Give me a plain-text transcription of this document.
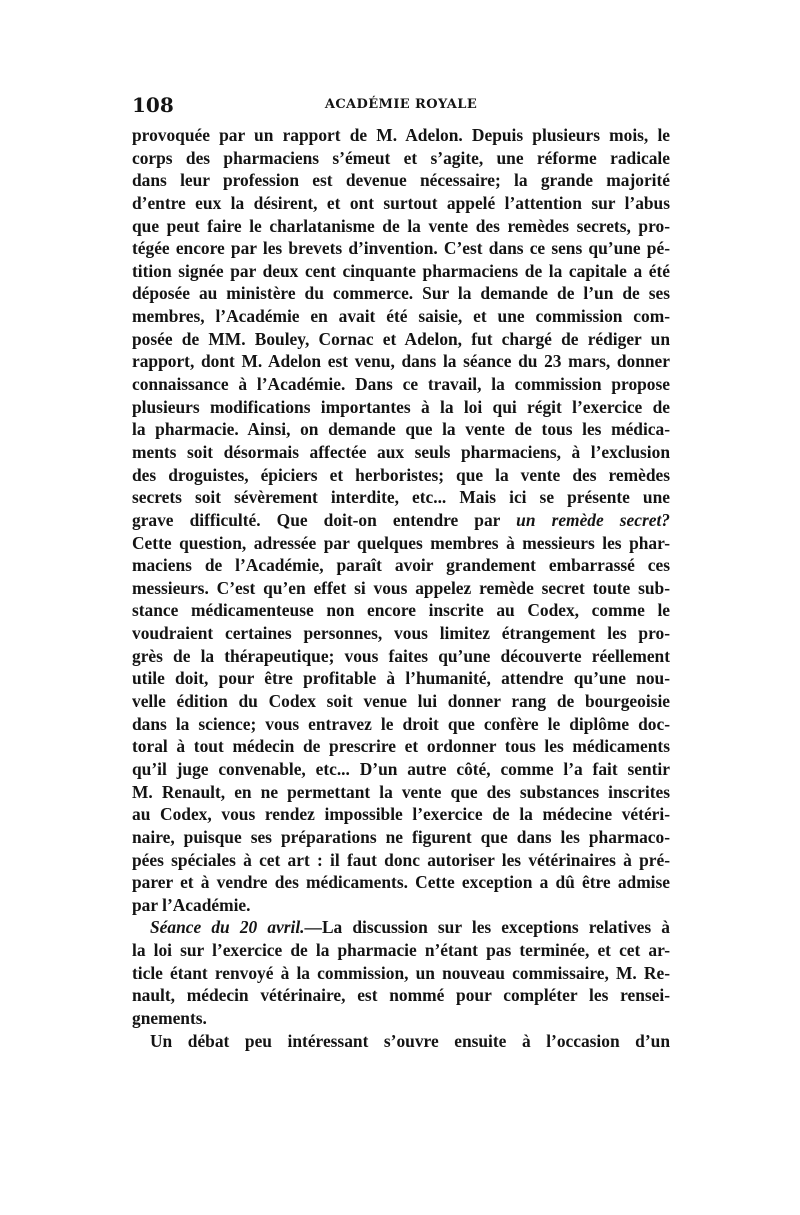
108	ACADÉMIE ROYALE
provoquée par un rapport de M. Adelon. Depuis plusieurs mois, le
corps des pharmaciens s’émeut et s’agite, une réforme radicale
dans leur profession est devenue nécessaire; la grande majorité
d’entre eux la désirent, et ont surtout appelé l’attention sur l’abus
que peut faire le charlatanisme de la vente des remèdes secrets, pro-
tégée encore par les brevets d’invention. C’est dans ce sens qu’une pé-
tition signée par deux cent cinquante pharmaciens de la capitale a été
déposée au ministère du commerce. Sur la demande de l’un de ses
membres, l’Académie en avait été saisie, et une commission com-
posée de MM. Bouley, Cornac et Adelon, fut chargé de rédiger un
rapport, dont M. Adelon est venu, dans la séance du 23 mars, donner
connaissance à l’Académie. Dans ce travail, la commission propose
plusieurs modifications importantes à la loi qui régit l’exercice de
la pharmacie. Ainsi, on demande que la vente de tous les médica-
ments soit désormais affectée aux seuls pharmaciens, à l’exclusion
des droguistes, épiciers et herboristes; que la vente des remèdes
secrets soit sévèrement interdite, etc... Mais ici se présente une
grave difficulté. Que doit-on entendre par un remède secret?
Cette question, adressée par quelques membres à messieurs les phar-
maciens de l’Académie, paraît avoir grandement embarrassé ces
messieurs. C’est qu’en effet si vous appelez remède secret toute sub-
stance médicamenteuse non encore inscrite au Codex, comme le
voudraient certaines personnes, vous limitez étrangement les pro-
grès de la thérapeutique; vous faites qu’une découverte réellement
utile doit, pour être profitable à l’humanité, attendre qu’une nou-
velle édition du Codex soit venue lui donner rang de bourgeoisie
dans la science; vous entravez le droit que confère le diplôme doc-
toral à tout médecin de prescrire et ordonner tous les médicaments
qu’il juge convenable, etc... D’un autre côté, comme l’a fait sentir
M. Renault, en ne permettant la vente que des substances inscrites
au Codex, vous rendez impossible l’exercice de la médecine vétéri-
naire, puisque ses préparations ne figurent que dans les pharmaco-
pées spéciales à cet art : il faut donc autoriser les vétérinaires à pré-
parer et à vendre des médicaments. Cette exception a dû être admise
par l’Académie.
Séance du 20 avril.—La discussion sur les exceptions relatives à
la loi sur l’exercice de la pharmacie n’étant pas terminée, et cet ar-
ticle étant renvoyé à la commission, un nouveau commissaire, M. Re-
nault, médecin vétérinaire, est nommé pour compléter les rensei-
gnements.
Un débat peu intéressant s’ouvre ensuite à l’occasion d’un
